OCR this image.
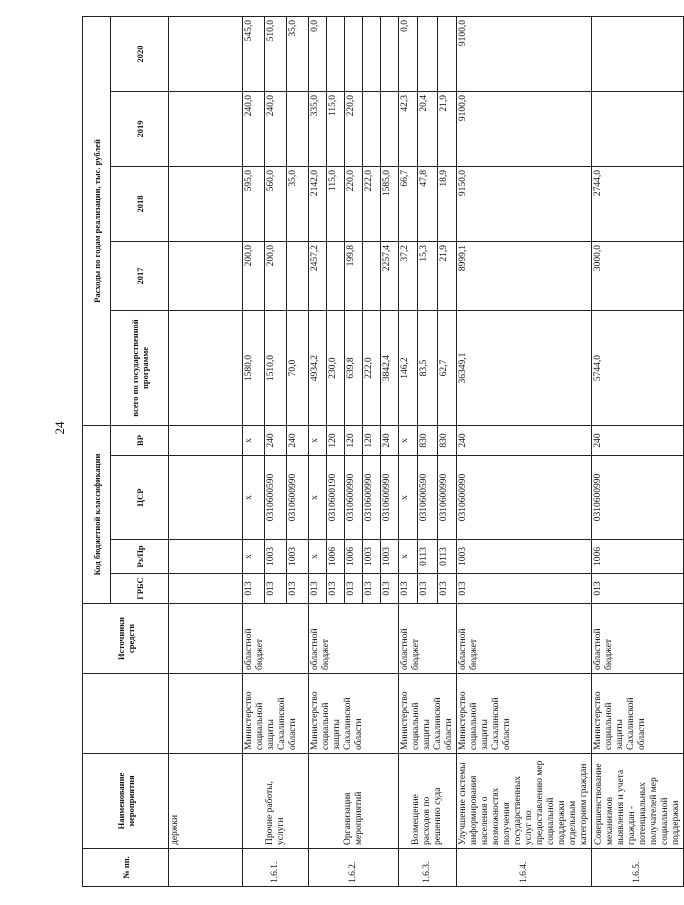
24
№ пп.	Наименование мероприятия		Источники средств	Код бюджетной классификации				Расходы по годам реализации, тыс. рублей				
				ГРБС	Рз/Пр	ЦСР	ВР	всего по государственной программе	2017	2018	2019	2020
	держки											
1.6.1.	Прочие работы, услуги	Министерство социальной защиты Сахалинской области	областной бюджет	013	х	х	х	1580,0	200,0	595,0	240,0	545,0
				013	1003	0310600590	240	1510,0	200,0	560,0	240,0	510,0
				013	1003	0310600990	240	70,0		35,0		35,0
1.6.2.	Организация мероприятий	Министерство социальной защиты Сахалинской области	областной бюджет	013	х	х	х	4934,2	2457,2	2142,0	335,0	0,0
				013	1006	0310600190	120	230,0		115,0	115,0	
				013	1006	0310600990	120	639,8	199,8	220,0	220,0	
				013	1003	0310600990	120	222,0		222,0		
				013	1003	0310600990	240	3842,4	2257,4	1585,0		
1.6.3.	Возмещение расходов по решению суда	Министерство социальной защиты Сахалинской области	областной бюджет	013	х	х	х	146,2	37,2	66,7	42,3	0,0
				013	0113	0310600590	830	83,5	15,3	47,8	20,4	
				013	0113	0310600990	830	62,7	21,9	18,9	21,9	
1.6.4.	Улучшение системы информирования населения о возможностях получения государственных услуг по предоставлению мер социальной поддержки отдельным категориям граждан	Министерство социальной защиты Сахалинской области	областной бюджет	013	1003	0310600990	240	36349,1	8999,1	9150,0	9100,0	9100,0
1.6.5.	Совершенствование механизмов выявления и учета граждан - потенциальных получателей мер социальной поддержки	Министерство социальной защиты Сахалинской области	областной бюджет	013	1006	0310600990	240	5744,0	3000,0	2744,0		
